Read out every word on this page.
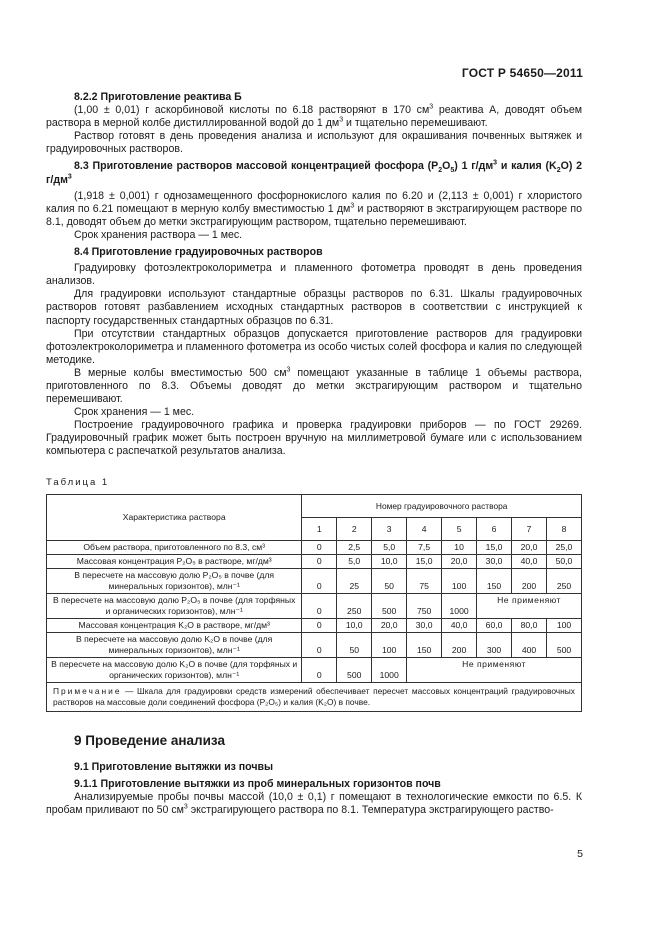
ГОСТ Р 54650—2011

8.2.2 Приготовление реактива Б

(1,00 ± 0,01) г аскорбиновой кислоты по 6.18 растворяют в 170 $см^3$ реактива А, доводят объем раствора в мерной колбе дистиллированной водой до 1 $дм^3$ и тщательно перемешивают.

Раствор готовят в день проведения анализа и используют для окрашивания почвенных вытяжек и градуировочных растворов.

8.3 Приготовление растворов массовой концентрацией фосфора $(P_2O_5)$ 1 $г/дм^3$ и калия $(K_2O)$ 2 $г/дм^3$

(1,918 ± 0,001) г однозамещенного фосфорнокислого калия по 6.20 и (2,113 ± 0,001) г хлористого калия по 6.21 помещают в мерную колбу вместимостью 1 $дм^3$ и растворяют в экстрагирующем растворе по 8.1, доводят объем до метки экстрагирующим раствором, тщательно перемешивают.

Срок хранения раствора — 1 мес.

8.4 Приготовление градуировочных растворов

Градуировку фотоэлектроколориметра и пламенного фотометра проводят в день проведения анализов.

Для градуировки используют стандартные образцы растворов по 6.31. Шкалы градуировочных растворов готовят разбавлением исходных стандартных растворов в соответствии с инструкцией к паспорту государственных стандартных образцов по 6.31.

При отсутствии стандартных образцов допускается приготовление растворов для градуировки фотоэлектроколориметра и пламенного фотометра из особо чистых солей фосфора и калия по следующей методике.

В мерные колбы вместимостью 500 $см^3$ помещают указанные в таблице 1 объемы раствора, приготовленного по 8.3. Объемы доводят до метки экстрагирующим раствором и тщательно перемешивают.

Срок хранения — 1 мес.

Построение градуировочного графика и проверка градуировки приборов — по ГОСТ 29269. Градуировочный график может быть построен вручную на миллиметровой бумаге или с использованием компьютера с распечаткой результатов анализа.

Таблица 1
Характеристика раствора	Номер градуировочного раствора							
	1	2	3	4	5	6	7	8
Объем раствора, приготовленного по 8.3, см³	0	2,5	5,0	7,5	10	15,0	20,0	25,0
Массовая концентрация P₂O₅ в растворе, мг/дм³	0	5,0	10,0	15,0	20,0	30,0	40,0	50,0
В пересчете на массовую долю P₂O₅ в почве (для минеральных горизонтов), млн⁻¹	0	25	50	75	100	150	200	250
В пересчете на массовую долю P₂O₅ в почве (для торфяных и органических горизонтов), млн⁻¹	0	250	500	750	1000	Не применяют		
Массовая концентрация K₂O в растворе, мг/дм³	0	10,0	20,0	30,0	40,0	60,0	80,0	100
В пересчете на массовую долю K₂O в почве (для минеральных горизонтов), млн⁻¹	0	50	100	150	200	300	400	500
В пересчете на массовую долю K₂O в почве (для торфяных и органических горизонтов), млн⁻¹	0	500	1000	Не применяют				
Примечание — Шкала для градуировки средств измерений обеспечивает пересчет массовых концентраций градуировочных растворов на массовые доли соединений фосфора (P₂O₅) и калия (K₂O) в почве.								

9 Проведение анализа

9.1 Приготовление вытяжки из почвы

9.1.1 Приготовление вытяжки из проб минеральных горизонтов почв

Анализируемые пробы почвы массой (10,0 ± 0,1) г помещают в технологические емкости по 6.5. К пробам приливают по 50 $см^3$ экстрагирующего раствора по 8.1. Температура экстрагирующего раство-

5
